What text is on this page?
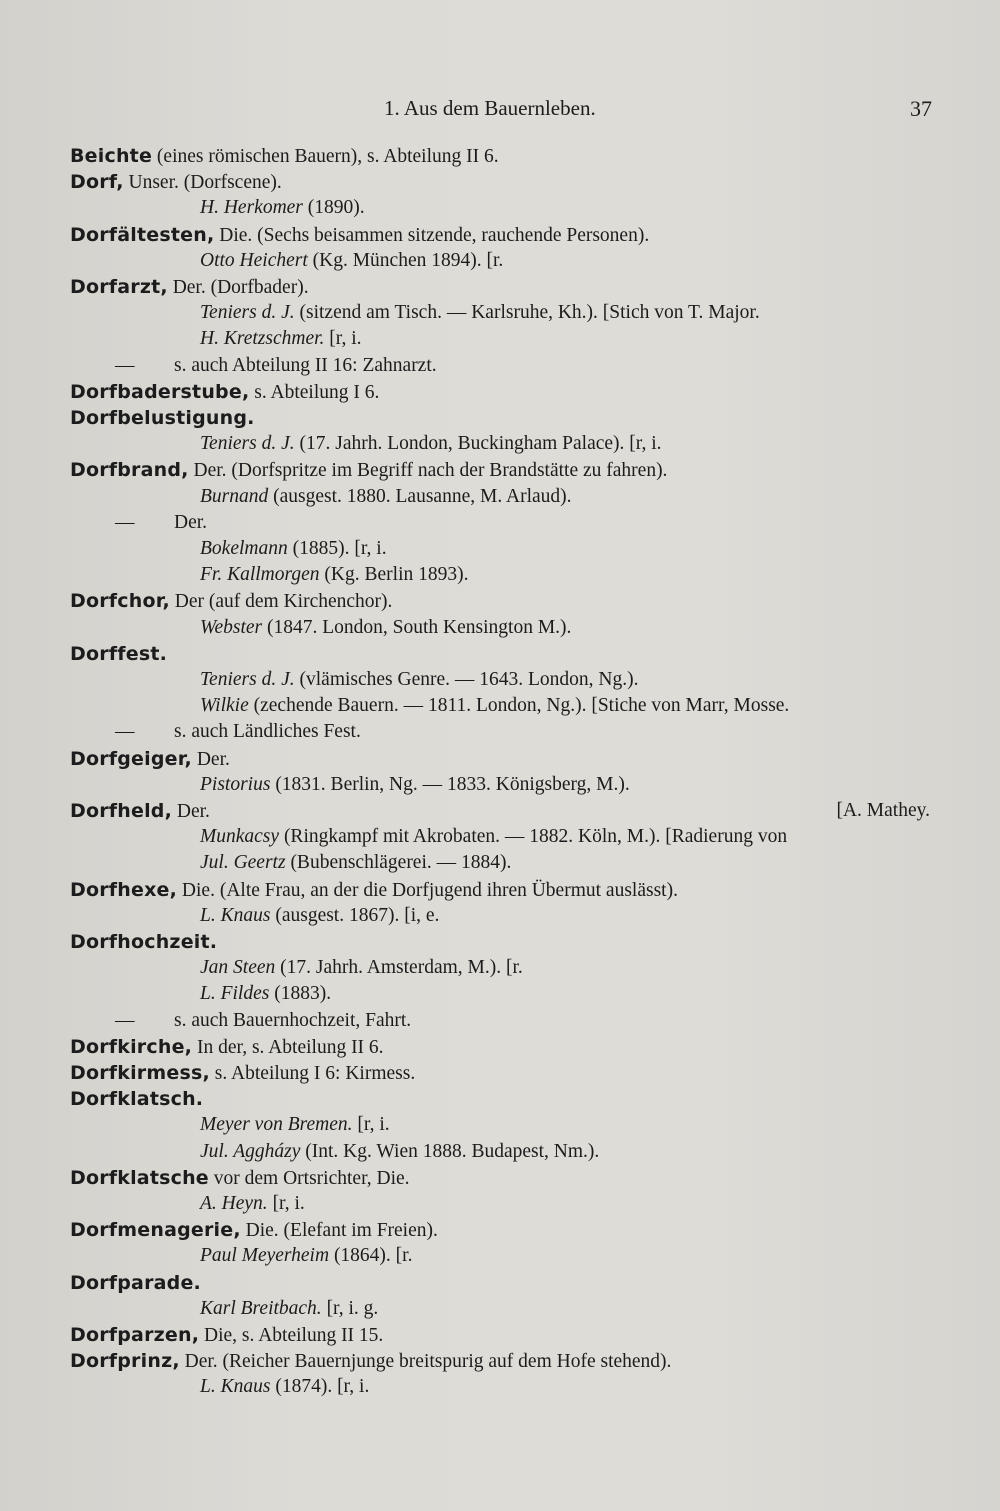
1. Aus dem Bauernleben.	37
Beichte (eines römischen Bauern), s. Abteilung II 6.
Dorf, Unser. (Dorfscene).
H. Herkomer (1890).
Dorfältesten, Die. (Sechs beisammen sitzende, rauchende Personen).
Otto Heichert (Kg. München 1894). [r.
Dorfarzt, Der. (Dorfbader).
Teniers d. J. (sitzend am Tisch. — Karlsruhe, Kh.). [Stich von T. Major.
H. Kretzschmer. [r, i.
— s. auch Abteilung II 16: Zahnarzt.
Dorfbaderstube, s. Abteilung I 6.
Dorfbelustigung.
Teniers d. J. (17. Jahrh. London, Buckingham Palace). [r, i.
Dorfbrand, Der. (Dorfspritze im Begriff nach der Brandstätte zu fahren).
Burnand (ausgest. 1880. Lausanne, M. Arlaud).
— Der.
Bokelmann (1885). [r, i.
Fr. Kallmorgen (Kg. Berlin 1893).
Dorfchor, Der (auf dem Kirchenchor).
Webster (1847. London, South Kensington M.).
Dorffest.
Teniers d. J. (vlämisches Genre. — 1643. London, Ng.).
Wilkie (zechende Bauern. — 1811. London, Ng.). [Stiche von Marr, Mosse.
— s. auch Ländliches Fest.
Dorfgeiger, Der.
Pistorius (1831. Berlin, Ng. — 1833. Königsberg, M.).
Dorfheld, Der.	[A. Mathey.
Munkacsy (Ringkampf mit Akrobaten. — 1882. Köln, M.). [Radierung von
Jul. Geertz (Bubenschlägerei. — 1884).
Dorfhexe, Die. (Alte Frau, an der die Dorfjugend ihren Übermut auslässt).
L. Knaus (ausgest. 1867). [i, e.
Dorfhochzeit.
Jan Steen (17. Jahrh. Amsterdam, M.). [r.
L. Fildes (1883).
— s. auch Bauernhochzeit, Fahrt.
Dorfkirche, In der, s. Abteilung II 6.
Dorfkirmess, s. Abteilung I 6: Kirmess.
Dorfklatsch.
Meyer von Bremen. [r, i.
Jul. Aggházy (Int. Kg. Wien 1888. Budapest, Nm.).
Dorfklatsche vor dem Ortsrichter, Die.
A. Heyn. [r, i.
Dorfmenagerie, Die. (Elefant im Freien).
Paul Meyerheim (1864). [r.
Dorfparade.
Karl Breitbach. [r, i. g.
Dorfparzen, Die, s. Abteilung II 15.
Dorfprinz, Der. (Reicher Bauernjunge breitspurig auf dem Hofe stehend).
L. Knaus (1874). [r, i.
